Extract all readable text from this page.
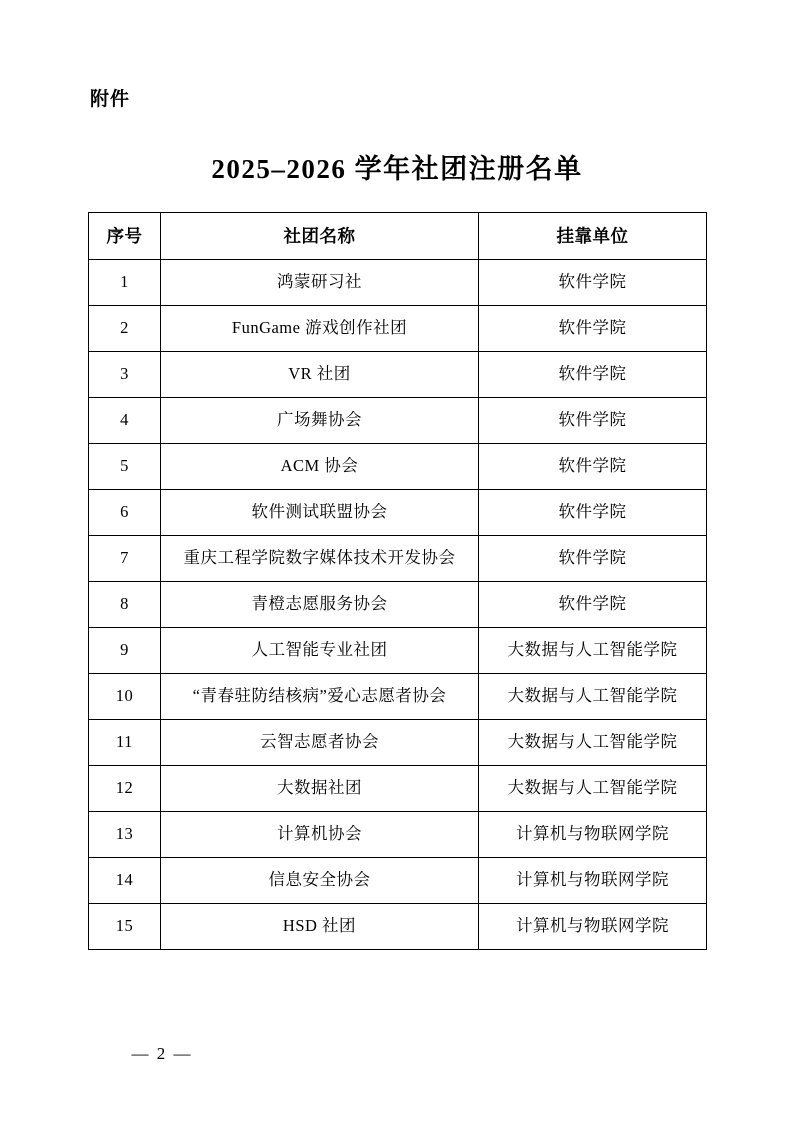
附件
2025–2026 学年社团注册名单
序号	社团名称	挂靠单位
1	鸿蒙研习社	软件学院
2	FunGame 游戏创作社团	软件学院
3	VR 社团	软件学院
4	广场舞协会	软件学院
5	ACM 协会	软件学院
6	软件测试联盟协会	软件学院
7	重庆工程学院数字媒体技术开发协会	软件学院
8	青橙志愿服务协会	软件学院
9	人工智能专业社团	大数据与人工智能学院
10	“青春驻防结核病”爱心志愿者协会	大数据与人工智能学院
11	云智志愿者协会	大数据与人工智能学院
12	大数据社团	大数据与人工智能学院
13	计算机协会	计算机与物联网学院
14	信息安全协会	计算机与物联网学院
15	HSD 社团	计算机与物联网学院
— 2 —
